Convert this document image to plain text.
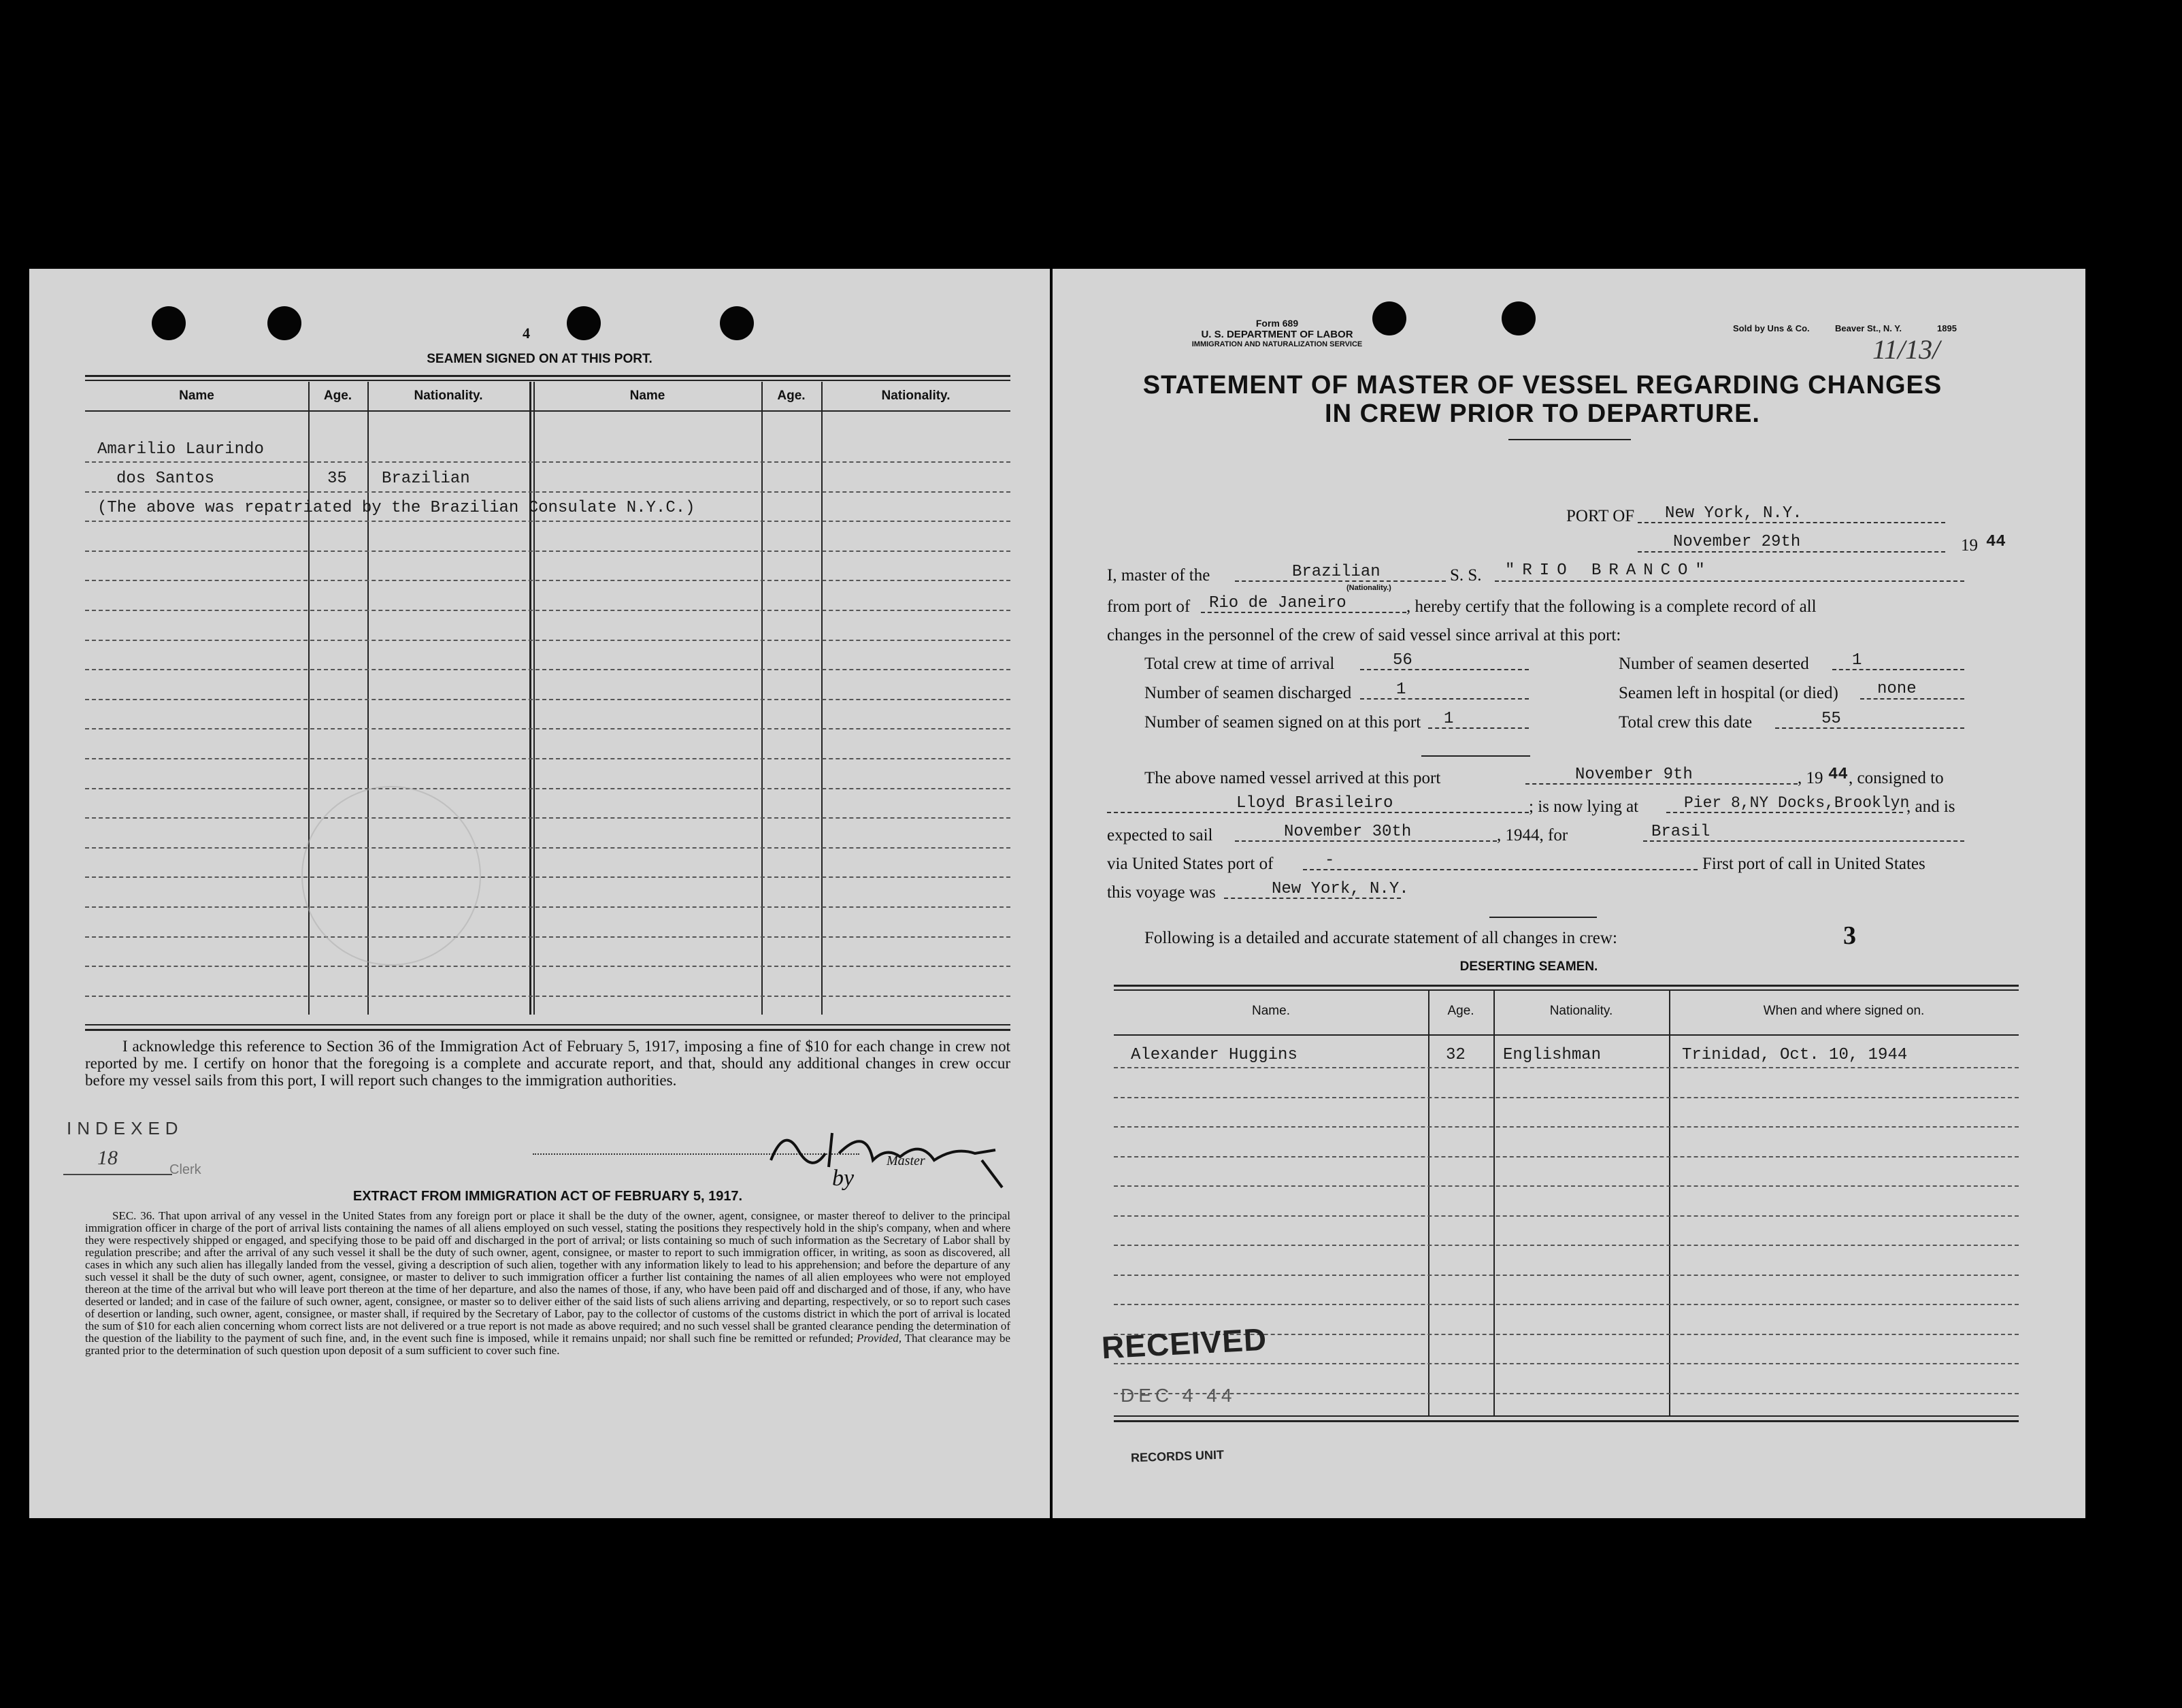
4
SEAMEN SIGNED ON AT THIS PORT.
Name	Age.	Nationality.	Name	Age.	Nationality.
Amarilio Laurindo
dos Santos	35 Brazilian
(The above was repatriated by the Brazilian Consulate N.Y.C.)
I acknowledge this reference to Section 36 of the Immigration Act of February 5, 1917, imposing a fine of $10 for each change in crew not reported by me. I certify on honor that the foregoing is a complete and accurate report, and that, should any additional changes in crew occur before my vessel sails from this port, I will report such changes to the immigration authorities.
INDEXED
18
Clerk	by
Master
EXTRACT FROM IMMIGRATION ACT OF FEBRUARY 5, 1917.
SEC. 36. That upon arrival of any vessel in the United States from any foreign port or place it shall be the duty of the owner, agent, consignee, or master thereof to deliver to the principal immigration officer in charge of the port of arrival lists containing the names of all aliens employed on such vessel, stating the positions they respectively hold in the ship's company, when and where they were respectively shipped or engaged, and specifying those to be paid off and discharged in the port of arrival; or lists containing so much of such information as the Secretary of Labor shall by regulation prescribe; and after the arrival of any such vessel it shall be the duty of such owner, agent, consignee, or master to report to such immigration officer, in writing, as soon as discovered, all cases in which any such alien has illegally landed from the vessel, giving a description of such alien, together with any information likely to lead to his apprehension; and before the departure of any such vessel it shall be the duty of such owner, agent, consignee, or master to deliver to such immigration officer a further list containing the names of all alien employees who were not employed thereon at the time of the arrival but who will leave port thereon at the time of her departure, and also the names of those, if any, who have been paid off and discharged and of those, if any, who have deserted or landed; and in case of the failure of such owner, agent, consignee, or master so to deliver either of the said lists of such aliens arriving and departing, respectively, or so to report such cases of desertion or landing, such owner, agent, consignee, or master shall, if required by the Secretary of Labor, pay to the collector of customs of the customs district in which the port of arrival is located the sum of $10 for each alien concerning whom correct lists are not delivered or a true report is not made as above required; and no such vessel shall be granted clearance pending the determination of the question of the liability to the payment of such fine, and, in the event such fine is imposed, while it remains unpaid; nor shall such fine be remitted or refunded; Provided, That clearance may be granted prior to the determination of such question upon deposit of a sum sufficient to cover such fine.
Form 689
U. S. DEPARTMENT OF LABOR
IMMIGRATION AND NATURALIZATION SERVICE
Sold by Uns & Co.	Beaver St., N. Y.	1895
11/13/
STATEMENT OF MASTER OF VESSEL REGARDING CHANGES
IN CREW PRIOR TO DEPARTURE.
PORT OF New York, N.Y.
November 29th	19 44
I, master of the	Brazilian
(Nationality.)
S. S. "RIO BRANCO"
from port of Rio de Janeiro	, hereby certify that the following is a complete record of all
changes in the personnel of the crew of said vessel since arrival at this port:
Total crew at time of arrival	56	Number of seamen deserted	1
Number of seamen discharged	1	Seamen left in hospital (or died) none
Number of seamen signed on at this port 1	Total crew this date	55
The above named vessel arrived at this port	November 9th	, 19 44 , consigned to
Lloyd Brasileiro	; is now lying at	Pier 8,NY Docks,Brooklyn
, and is
expected to sail	November 30th	, 1944, for	Brasil
via United States port of	-	First port of call in United States
this voyage was	New York, N.Y.
Following is a detailed and accurate statement of all changes in crew:	3
DESERTING SEAMEN.
Name.	Age.	Nationality.	When and where signed on.
Alexander Huggins	32 Englishman	Trinidad, Oct. 10, 1944
RECEIVED
DEC 4 44
RECORDS UNIT
